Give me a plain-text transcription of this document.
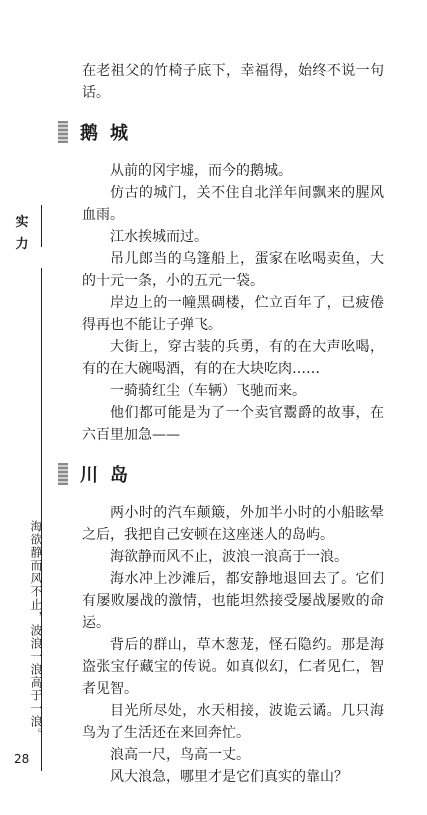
实力
海欲静而风不止，波浪一浪高于一浪。
28

在老祖父的竹椅子底下，幸福得，始终不说一句话。

鹅城

从前的冈宇墟，而今的鹅城。

仿古的城门，关不住自北洋年间飘来的腥风血雨。

江水挨城而过。

吊儿郎当的乌篷船上，蛋家在吆喝卖鱼，大的十元一条，小的五元一袋。

岸边上的一幢黑碉楼，伫立百年了，已疲倦得再也不能让子弹飞。

大街上，穿古装的兵勇，有的在大声吆喝，有的在大碗喝酒，有的在大块吃肉……

一骑骑红尘（车辆）飞驰而来。

他们都可能是为了一个卖官鬻爵的故事，在六百里加急——

川岛

两小时的汽车颠簸，外加半小时的小船眩晕之后，我把自己安顿在这座迷人的岛屿。

海欲静而风不止，波浪一浪高于一浪。

海水冲上沙滩后，都安静地退回去了。它们有屡败屡战的激情，也能坦然接受屡战屡败的命运。

背后的群山，草木葱茏，怪石隐约。那是海盗张宝仔藏宝的传说。如真似幻，仁者见仁，智者见智。

目光所尽处，水天相接，波诡云谲。几只海鸟为了生活还在来回奔忙。

浪高一尺，鸟高一丈。

风大浪急，哪里才是它们真实的靠山？
